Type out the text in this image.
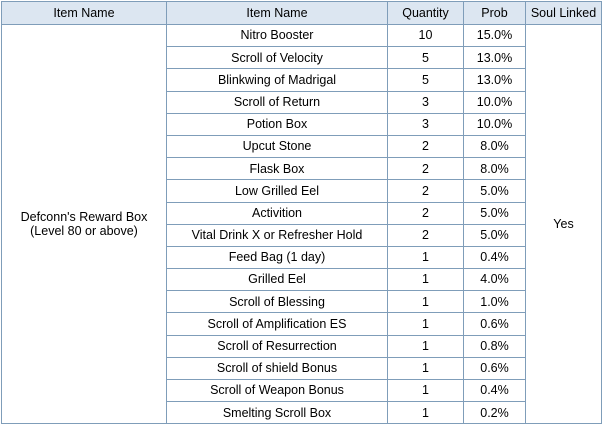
Item Name	Item Name	Quantity	Prob	Soul Linked

Defconn's Reward Box
(Level 80 or above)	Nitro Booster	10	15.0%	Yes
	Scroll of Velocity	5	13.0%	
	Blinkwing of Madrigal	5	13.0%	
	Scroll of Return	3	10.0%	
	Potion Box	3	10.0%	
	Upcut Stone	2	8.0%	
	Flask Box	2	8.0%	
	Low Grilled Eel	2	5.0%	
	Activition	2	5.0%	
	Vital Drink X or Refresher Hold	2	5.0%	
	Feed Bag (1 day)	1	0.4%	
	Grilled Eel	1	4.0%	
	Scroll of Blessing	1	1.0%	
	Scroll of Amplification ES	1	0.6%	
	Scroll of Resurrection	1	0.8%	
	Scroll of shield Bonus	1	0.6%	
	Scroll of Weapon Bonus	1	0.4%	
	Smelting Scroll Box	1	0.2%	
